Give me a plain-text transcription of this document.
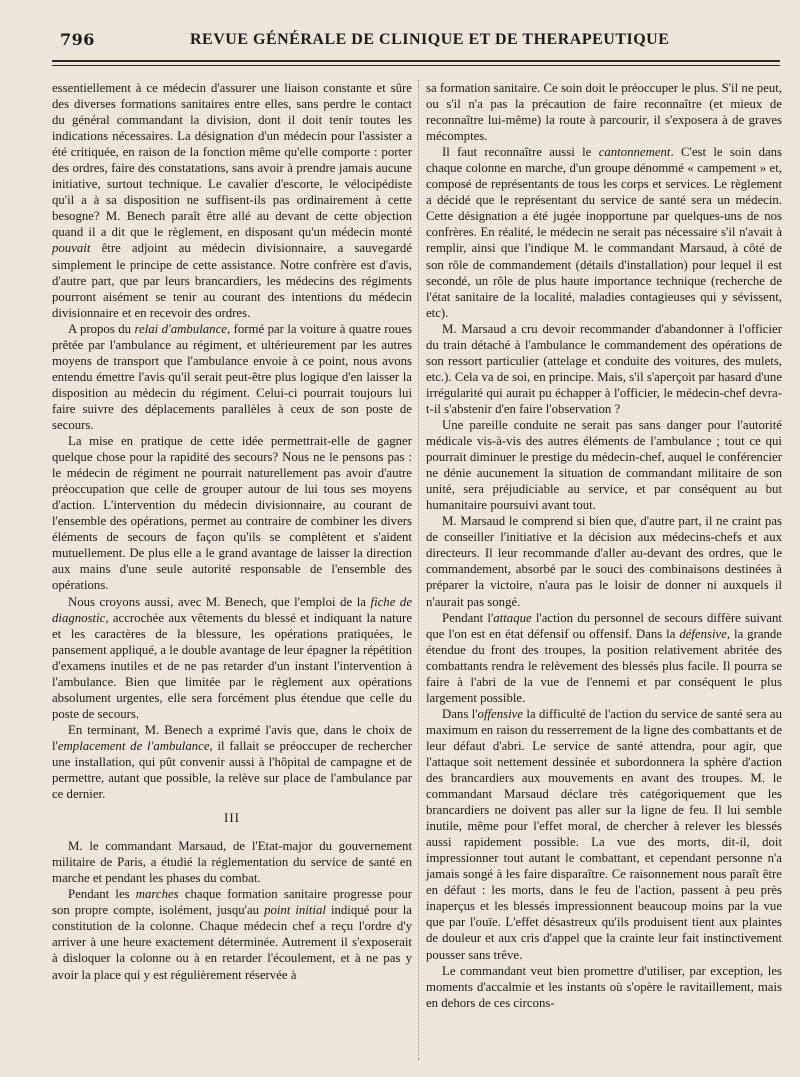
796	REVUE GÉNÉRALE DE CLINIQUE ET DE THERAPEUTIQUE

essentiellement à ce médecin d'assurer une liaison constante et sûre des diverses formations sanitaires entre elles, sans perdre le contact du général commandant la division, dont il doit tenir toutes les indications nécessaires. La désignation d'un médecin pour l'assister a été critiquée, en raison de la fonction même qu'elle comporte : porter des ordres, faire des constatations, sans avoir à prendre jamais aucune initiative, surtout technique. Le cavalier d'escorte, le vélocipédiste qu'il a à sa disposition ne suffisent-ils pas ordinairement à cette besogne? M. Benech paraît être allé au devant de cette objection quand il a dit que le règlement, en disposant qu'un médecin monté pouvait être adjoint au médecin divisionnaire, a sauvegardé simplement le principe de cette assistance. Notre confrère est d'avis, d'autre part, que par leurs brancardiers, les médecins des régiments pourront aisément se tenir au courant des intentions du médecin divisionnaire et en recevoir des ordres.

A propos du relai d'ambulance, formé par la voiture à quatre roues prêtée par l'ambulance au régiment, et ultérieurement par les autres moyens de transport que l'ambulance envoie à ce point, nous avons entendu émettre l'avis qu'il serait peut-être plus logique d'en laisser la disposition au médecin du régiment. Celui-ci pourrait toujours lui faire suivre des déplacements parallèles à ceux de son poste de secours.

La mise en pratique de cette idée permettrait-elle de gagner quelque chose pour la rapidité des secours? Nous ne le pensons pas : le médecin de régiment ne pourrait naturellement pas avoir d'autre préoccupation que celle de grouper autour de lui tous ses moyens d'action. L'intervention du médecin divisionnaire, au courant de l'ensemble des opérations, permet au contraire de combiner les divers éléments de secours de façon qu'ils se complètent et s'aident mutuellement. De plus elle a le grand avantage de laisser la direction aux mains d'une seule autorité responsable de l'ensemble des opérations.

Nous croyons aussi, avec M. Benech, que l'emploi de la fiche de diagnostic, accrochée aux vêtements du blessé et indiquant la nature et les caractères de la blessure, les opérations pratiquées, le pansement appliqué, a le double avantage de leur épagner la répétition d'examens inutiles et de ne pas retarder d'un instant l'intervention à l'ambulance. Bien que limitée par le règlement aux opérations absolument urgentes, elle sera forcément plus étendue que celle du poste de secours.

En terminant, M. Benech a exprimé l'avis que, dans le choix de l'emplacement de l'ambulance, il fallait se préoccuper de rechercher une installation, qui pût convenir aussi à l'hôpital de campagne et de permettre, autant que possible, la relève sur place de l'ambulance par ce dernier.

III

M. le commandant Marsaud, de l'Etat-major du gouvernement militaire de Paris, a étudié la réglementation du service de santé en marche et pendant les phases du combat.

Pendant les marches chaque formation sanitaire progresse pour son propre compte, isolément, jusqu'au point initial indiqué pour la constitution de la colonne. Chaque médecin chef a reçu l'ordre d'y arriver à une heure exactement déterminée. Autrement il s'exposerait à disloquer la colonne ou à en retarder l'écoulement, et à ne pas y avoir la place qui y est régulièrement réservée à

sa formation sanitaire. Ce soin doit le préoccuper le plus. S'il ne peut, ou s'il n'a pas la précaution de faire reconnaître (et mieux de reconnaître lui-même) la route à parcourir, il s'exposera à de graves mécomptes.

Il faut reconnaître aussi le cantonnement. C'est le soin dans chaque colonne en marche, d'un groupe dénommé « campement » et, composé de représentants de tous les corps et services. Le règlement a décidé que le représentant du service de santé sera un médecin. Cette désignation a été jugée inopportune par quelques-uns de nos confrères. En réalité, le médecin ne serait pas nécessaire s'il n'avait à remplir, ainsi que l'indique M. le commandant Marsaud, à côté de son rôle de commandement (détails d'installation) pour lequel il est secondé, un rôle de plus haute importance technique (recherche de l'état sanitaire de la localité, maladies contagieuses qui y sévissent, etc).

M. Marsaud a cru devoir recommander d'abandonner à l'officier du train détaché à l'ambulance le commandement des opérations de son ressort particulier (attelage et conduite des voitures, des mulets, etc.). Cela va de soi, en principe. Mais, s'il s'aperçoit par hasard d'une irrégularité qui aurait pu échapper à l'officier, le médecin-chef devra-t-il s'abstenir d'en faire l'observation ?

Une pareille conduite ne serait pas sans danger pour l'autorité médicale vis-à-vis des autres éléments de l'ambulance ; tout ce qui pourrait diminuer le prestige du médecin-chef, auquel le conférencier ne dénie aucunement la situation de commandant militaire de son unité, sera préjudiciable au service, et par conséquent au but humanitaire poursuivi avant tout.

M. Marsaud le comprend si bien que, d'autre part, il ne craint pas de conseiller l'initiative et la décision aux médecins-chefs et aux directeurs. Il leur recommande d'aller au-devant des ordres, que le commandement, absorbé par le souci des combinaisons destinées à préparer la victoire, n'aura pas le loisir de donner ni auxquels il n'aurait pas songé.

Pendant l'attaque l'action du personnel de secours diffère suivant que l'on est en état défensif ou offensif. Dans la défensive, la grande étendue du front des troupes, la position relativement abritée des combattants rendra le relèvement des blessés plus facile. Il pourra se faire à l'abri de la vue de l'ennemi et par conséquent le plus largement possible.

Dans l'offensive la difficulté de l'action du service de santé sera au maximum en raison du resserrement de la ligne des combattants et de leur défaut d'abri. Le service de santé attendra, pour agir, que l'attaque soit nettement dessinée et subordonnera la sphère d'action des brancardiers aux mouvements en avant des troupes. M. le commandant Marsaud déclare très catégoriquement que les brancardiers ne doivent pas aller sur la ligne de feu. Il lui semble inutile, même pour l'effet moral, de chercher à relever les blessés aussi rapidement possible. La vue des morts, dit-il, doit impressionner tout autant le combattant, et cependant personne n'a jamais songé à les faire disparaître. Ce raisonnement nous paraît être en défaut : les morts, dans le feu de l'action, passent à peu près inaperçus et les blessés impressionnent beaucoup moins par la vue que par l'ouïe. L'effet désastreux qu'ils produisent tient aux plaintes de douleur et aux cris d'appel que la crainte leur fait instinctivement pousser sans trêve.

Le commandant veut bien promettre d'utiliser, par exception, les moments d'accalmie et les instants où s'opère le ravitaillement, mais en dehors de ces circons-
